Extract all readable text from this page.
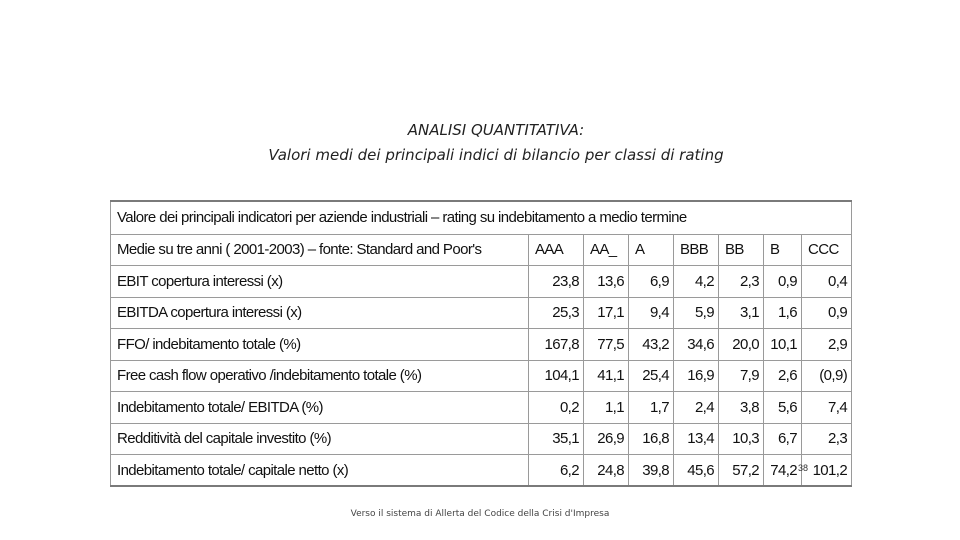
ANALISI QUANTITATIVA:
Valori medi dei principali indici di bilancio per classi di rating
Valore dei principali indicatori per aziende industriali – rating su indebitamento a medio termine							
Medie su tre anni ( 2001-2003) – fonte: Standard and Poor's	AAA	AA_	A	BBB	BB	B	CCC
EBIT copertura interessi (x)	23,8	13,6	6,9	4,2	2,3	0,9	0,4
EBITDA copertura interessi (x)	25,3	17,1	9,4	5,9	3,1	1,6	0,9
FFO/ indebitamento totale (%)	167,8	77,5	43,2	34,6	20,0	10,1	2,9
Free cash flow operativo /indebitamento totale (%)	104,1	41,1	25,4	16,9	7,9	2,6	(0,9)
Indebitamento totale/ EBITDA (%)	0,2	1,1	1,7	2,4	3,8	5,6	7,4
Redditività del capitale investito (%)	35,1	26,9	16,8	13,4	10,3	6,7	2,3
Indebitamento totale/ capitale netto (x)	6,2	24,8	39,8	45,6	57,2	74,2	101,2
38
Verso il sistema di Allerta del Codice della Crisi d'Impresa
